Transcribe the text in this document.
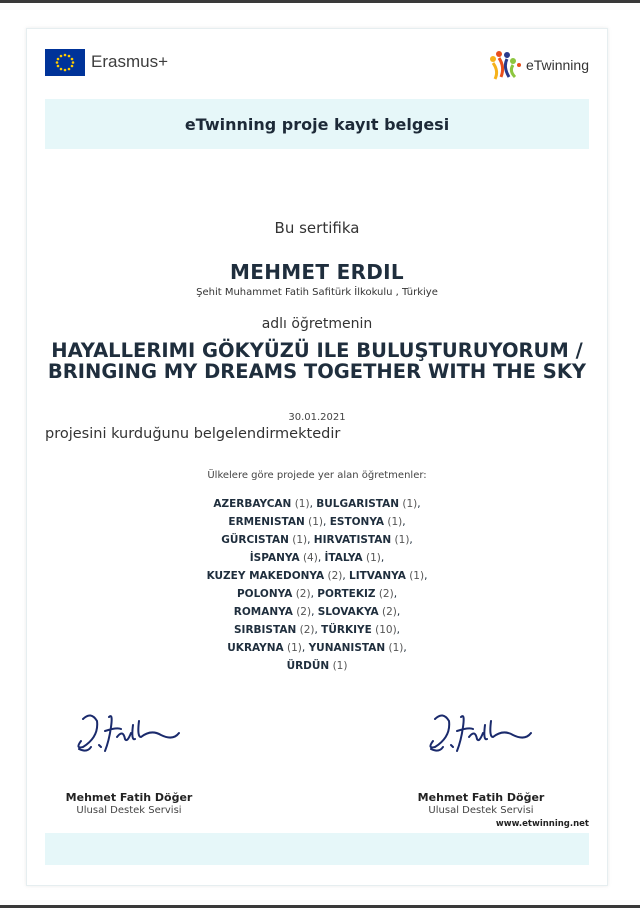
Erasmus+	eTwinning
eTwinning proje kayıt belgesi
Bu sertifika
MEHMET ERDIL
Şehit Muhammet Fatih Safitürk İlkokulu , Türkiye
adlı öğretmenin
HAYALLERIMI GÖKYÜZÜ ILE BULUŞTURUYORUM / BRINGING MY DREAMS TOGETHER WITH THE SKY
30.01.2021
projesini kurduğunu belgelendirmektedir
Ülkelere göre projede yer alan öğretmenler:
AZERBAYCAN (1), BULGARISTAN (1),
ERMENISTAN (1), ESTONYA (1),
GÜRCISTAN (1), HIRVATISTAN (1),
İSPANYA (4), İTALYA (1),
KUZEY MAKEDONYA (2), LITVANYA (1),
POLONYA (2), PORTEKIZ (2),
ROMANYA (2), SLOVAKYA (2),
SIRBISTAN (2), TÜRKIYE (10),
UKRAYNA (1), YUNANISTAN (1),
ÜRDÜN (1)
Mehmet Fatih Döğer
Ulusal Destek Servisi
Mehmet Fatih Döğer
Ulusal Destek Servisi
www.etwinning.net
